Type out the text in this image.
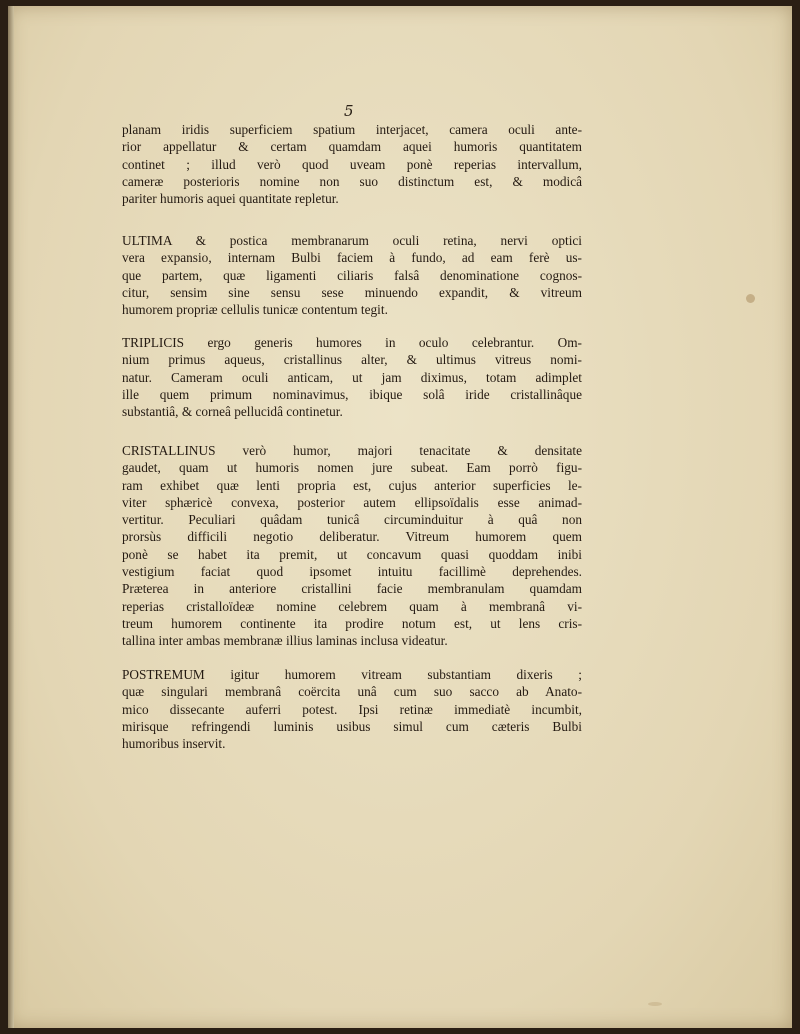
5
planam iridis superficiem spatium interjacet, camera oculi ante-
rior appellatur & certam quamdam aquei humoris quantitatem
continet ; illud verò quod uveam ponè reperias intervallum,
cameræ posterioris nomine non suo distinctum est, & modicâ
pariter humoris aquei quantitate repletur.
ULTIMA & postica membranarum oculi retina, nervi optici
vera expansio, internam Bulbi faciem à fundo, ad eam ferè us-
que partem, quæ ligamenti ciliaris falsâ denominatione cognos-
citur, sensim sine sensu sese minuendo expandit, & vitreum
humorem propriæ cellulis tunicæ contentum tegit.
TRIPLICIS ergo generis humores in oculo celebrantur. Om-
nium primus aqueus, cristallinus alter, & ultimus vitreus nomi-
natur. Cameram oculi anticam, ut jam diximus, totam adimplet
ille quem primum nominavimus, ibique solâ iride cristallinâque
substantiâ, & corneâ pellucidâ continetur.
CRISTALLINUS verò humor, majori tenacitate & densitate
gaudet, quam ut humoris nomen jure subeat. Eam porrò figu-
ram exhibet quæ lenti propria est, cujus anterior superficies le-
viter sphæricè convexa, posterior autem ellipsoïdalis esse animad-
vertitur. Peculiari quâdam tunicâ circuminduitur à quâ non
prorsùs difficili negotio deliberatur. Vitreum humorem quem
ponè se habet ita premit, ut concavum quasi quoddam inibi
vestigium faciat quod ipsomet intuitu facillimè deprehendes.
Præterea in anteriore cristallini facie membranulam quamdam
reperias cristalloïdeæ nomine celebrem quam à membranâ vi-
treum humorem continente ita prodire notum est, ut lens cris-
tallina inter ambas membranæ illius laminas inclusa videatur.
POSTREMUM igitur humorem vitream substantiam dixeris ;
quæ singulari membranâ coërcita unâ cum suo sacco ab Anato-
mico dissecante auferri potest. Ipsi retinæ immediatè incumbit,
mirisque refringendi luminis usibus simul cum cæteris Bulbi
humoribus inservit.
